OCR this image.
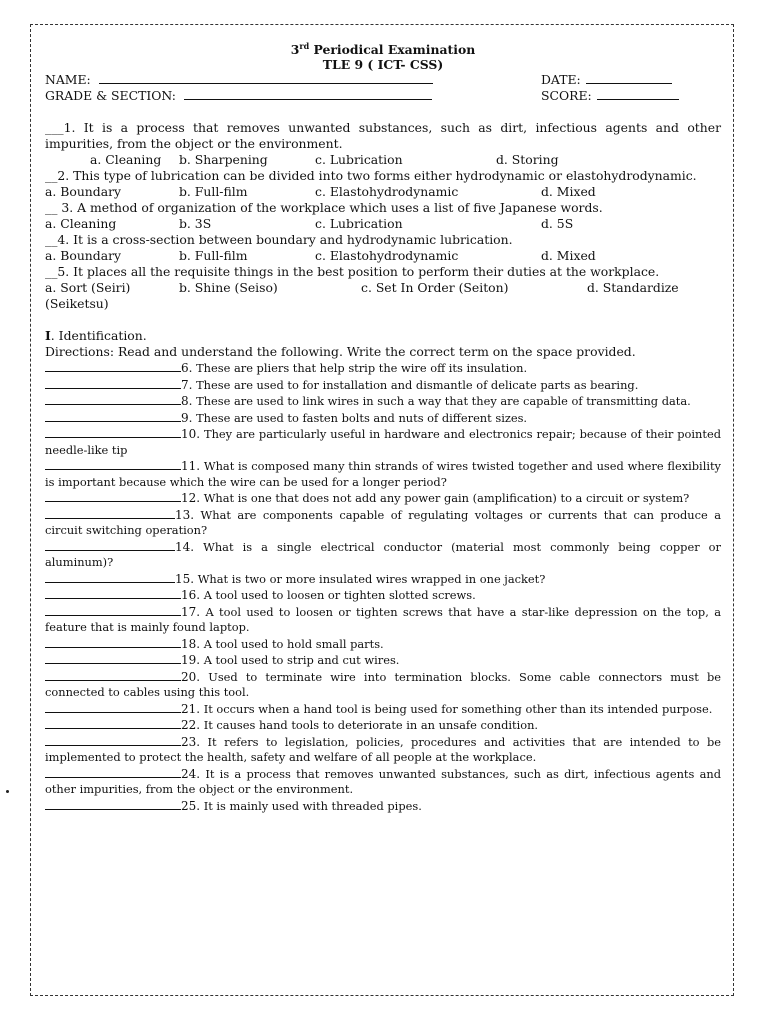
3rd Periodical Examination
TLE 9 ( ICT- CSS)
NAME:	DATE:
GRADE & SECTION:	SCORE:
___1. It is a process that removes unwanted substances, such as dirt, infectious agents and other impurities, from the object or the environment.
a. Cleaning b. Sharpening	c. Lubrication	d. Storing
__2. This type of lubrication can be divided into two forms either hydrodynamic or elastohydrodynamic.
a. Boundary	b. Full-film	c. Elastohydrodynamic	d. Mixed
__ 3. A method of organization of the workplace which uses a list of five Japanese words.
a. Cleaning	b. 3S	c. Lubrication	d. 5S
__4. It is a cross-section between boundary and hydrodynamic lubrication.
a. Boundary	b. Full-film	c. Elastohydrodynamic	d. Mixed
__5. It places all the requisite things in the best position to perform their duties at the workplace.
a. Sort (Seiri)	b. Shine (Seiso)	c. Set In Order (Seiton)	d. Standardize
(Seiketsu)
I. Identification.
Directions: Read and understand the following. Write the correct term on the space provided.
6. These are pliers that help strip the wire off its insulation.
7. These are used to for installation and dismantle of delicate parts as bearing.
8. These are used to link wires in such a way that they are capable of transmitting data.
9. These are used to fasten bolts and nuts of different sizes.
10. They are particularly useful in hardware and electronics repair; because of their pointed needle-like tip
11. What is composed many thin strands of wires twisted together and used where flexibility is important because which the wire can be used for a longer period?
12. What is one that does not add any power gain (amplification) to a circuit or system?
13. What are components capable of regulating voltages or currents that can produce a circuit switching operation?
14. What is a single electrical conductor (material most commonly being copper or aluminum)?
15. What is two or more insulated wires wrapped in one jacket?
16. A tool used to loosen or tighten slotted screws.
17. A tool used to loosen or tighten screws that have a star-like depression on the top, a feature that is mainly found laptop.
18. A tool used to hold small parts.
19. A tool used to strip and cut wires.
20. Used to terminate wire into termination blocks. Some cable connectors must be connected to cables using this tool.
21. It occurs when a hand tool is being used for something other than its intended purpose.
22. It causes hand tools to deteriorate in an unsafe condition.
23. It refers to legislation, policies, procedures and activities that are intended to be implemented to protect the health, safety and welfare of all people at the workplace.
24. It is a process that removes unwanted substances, such as dirt, infectious agents and other impurities, from the object or the environment.
25. It is mainly used with threaded pipes.
